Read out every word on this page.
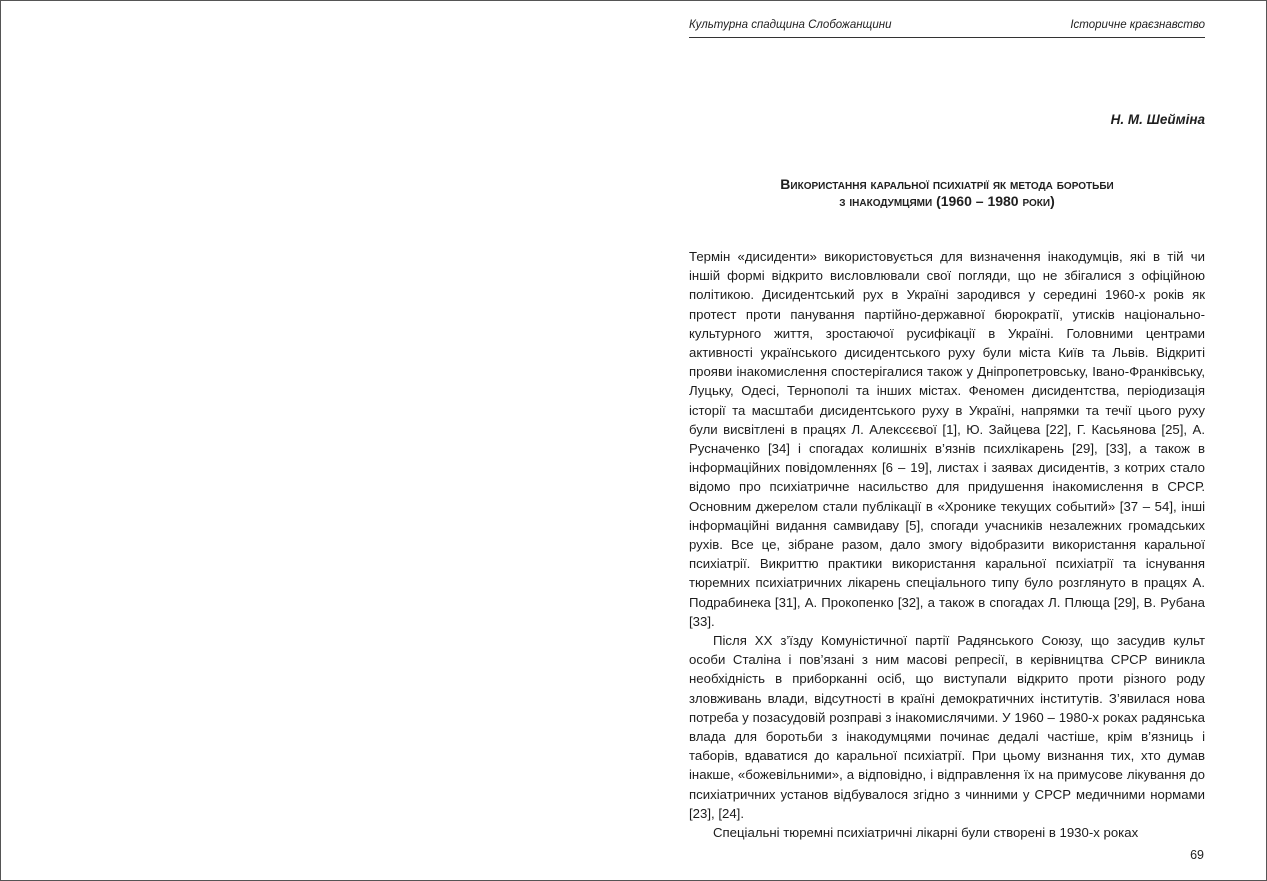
Культурна спадщина Слобожанщини	Історичне краєзнавство
Н. М. Шеймiна
Використання каральної психіатрії як метода боротьби
з інакодумцями (1960 – 1980 роки)

Термін «дисиденти» використовується для визначення інакодумців, які в тій чи іншій формі відкрито висловлювали свої погляди, що не збігалися з офіційною політикою. Дисидентський рух в Україні зародився у середині 1960-х років як протест проти панування партійно-державної бюрократії, утисків національно-культурного життя, зростаючої русифікації в Україні. Головними центрами активності українського дисидентського руху були міста Київ та Львів. Відкриті прояви інакомислення спостерігалися також у Дніпропетровську, Івано-Франківську, Луцьку, Одесі, Тернополі та інших містах. Феномен дисидентства, періодизація історії та масштаби дисидентського руху в Україні, напрямки та течії цього руху були висвітлені в працях Л. Алексєєвої [1], Ю. Зайцева [22], Г. Касьянова [25], А. Русначенко [34] і спогадах колишніх в’язнів психлікарень [29], [33], а також в інформаційних повідомленнях [6 – 19], листах і заявах дисидентів, з котрих стало відомо про психіатричне насильство для придушення інакомислення в СРСР. Основним джерелом стали публікації в «Хронике текущих событий» [37 – 54], інші інформаційні видання самвидаву [5], спогади учасників незалежних громадських рухів. Все це, зібране разом, дало змогу відобразити використання каральної психіатрії. Викриттю практики використання каральної психіатрії та існування тюремних психіатричних лікарень спеціального типу було розглянуто в працях А. Подрабинека [31], А. Прокопенко [32], а також в спогадах Л. Плюща [29], В. Рубана [33].

Після ХХ з’їзду Комуністичної партії Радянського Союзу, що засудив культ особи Сталіна і пов’язані з ним масові репресії, в керівництва СРСР виникла необхідність в приборканні осіб, що виступали відкрито проти різного роду зловживань влади, відсутності в країні демократичних інститутів. З’явилася нова потреба у позасудовій розправі з інакомислячими. У 1960 – 1980-х роках радянська влада для боротьби з інакодумцями починає дедалі частіше, крім в’язниць і таборів, вдаватися до каральної психіатрії. При цьому визнання тих, хто думав інакше, «божевільними», а відповідно, і відправлення їх на примусове лікування до психіатричних установ відбувалося згідно з чинними у СРСР медичними нормами [23], [24].

Спеціальні тюремні психіатричні лікарні були створені в 1930-х роках

69
